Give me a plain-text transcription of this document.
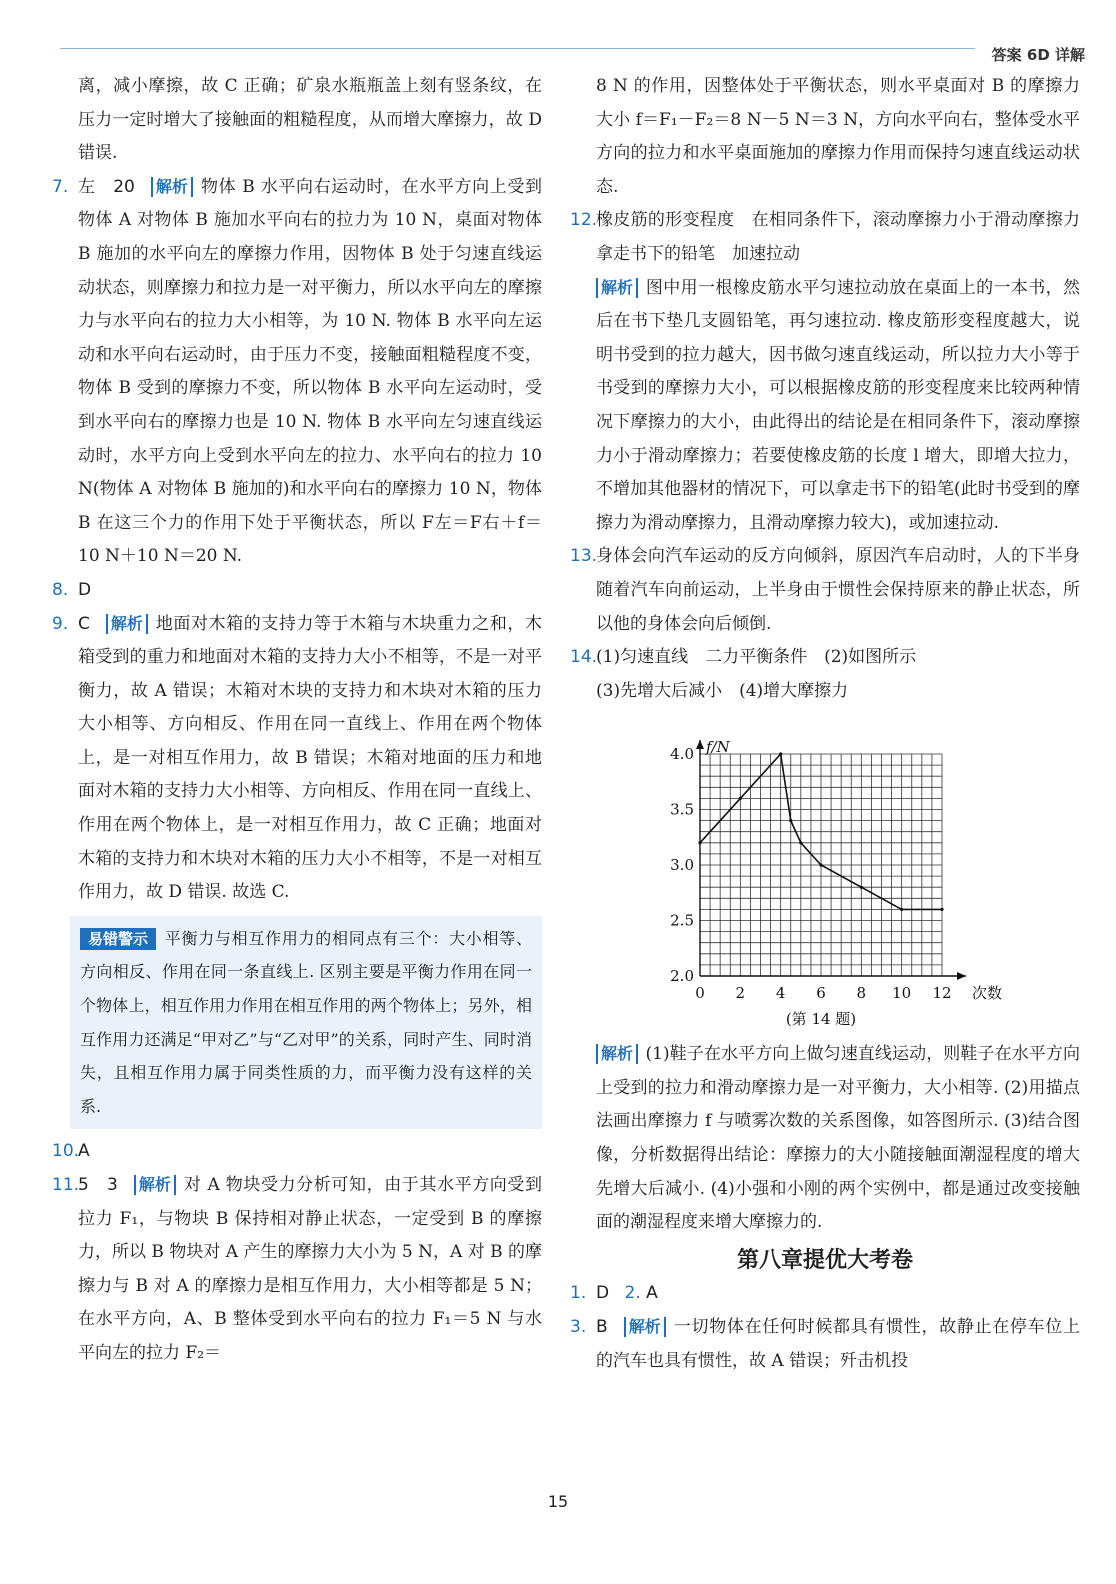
答案 6D 详解

离，减小摩擦，故 C 正确；矿泉水瓶瓶盖上刻有竖条纹，在压力一定时增大了接触面的粗糙程度，从而增大摩擦力，故 D 错误.

7. 左　20 解析 物体 B 水平向右运动时，在水平方向上受到物体 A 对物体 B 施加水平向右的拉力为 10 N，桌面对物体 B 施加的水平向左的摩擦力作用，因物体 B 处于匀速直线运动状态，则摩擦力和拉力是一对平衡力，所以水平向左的摩擦力与水平向右的拉力大小相等，为 10 N. 物体 B 水平向左运动和水平向右运动时，由于压力不变，接触面粗糙程度不变，物体 B 受到的摩擦力不变，所以物体 B 水平向左运动时，受到水平向右的摩擦力也是 10 N. 物体 B 水平向左匀速直线运动时，水平方向上受到水平向左的拉力、水平向右的拉力 10 N(物体 A 对物体 B 施加的)和水平向右的摩擦力 10 N，物体 B 在这三个力的作用下处于平衡状态，所以 F左＝F右＋f＝10 N＋10 N＝20 N.

8. D

9. C 解析 地面对木箱的支持力等于木箱与木块重力之和，木箱受到的重力和地面对木箱的支持力大小不相等，不是一对平衡力，故 A 错误；木箱对木块的支持力和木块对木箱的压力大小相等、方向相反、作用在同一直线上、作用在两个物体上，是一对相互作用力，故 B 错误；木箱对地面的压力和地面对木箱的支持力大小相等、方向相反、作用在同一直线上、作用在两个物体上，是一对相互作用力，故 C 正确；地面对木箱的支持力和木块对木箱的压力大小不相等，不是一对相互作用力，故 D 错误. 故选 C.

易错警示 平衡力与相互作用力的相同点有三个：大小相等、方向相反、作用在同一条直线上. 区别主要是平衡力作用在同一个物体上，相互作用力作用在相互作用的两个物体上；另外，相互作用力还满足“甲对乙”与“乙对甲”的关系，同时产生、同时消失，且相互作用力属于同类性质的力，而平衡力没有这样的关系.

10.
A

11.
5　3 解析 对 A 物块受力分析可知，由于其水平方向受到拉力 F₁，与物块 B 保持相对静止状态，一定受到 B 的摩擦力，所以 B 物块对 A 产生的摩擦力大小为 5 N，A 对 B 的摩擦力与 B 对 A 的摩擦力是相互作用力，大小相等都是 5 N；在水平方向，A、B 整体受到水平向右的拉力 F₁＝5 N 与水平向左的拉力 F₂＝

8 N 的作用，因整体处于平衡状态，则水平桌面对 B 的摩擦力大小 f＝F₁－F₂＝8 N－5 N＝3 N，方向水平向右，整体受水平方向的拉力和水平桌面施加的摩擦力作用而保持匀速直线运动状态.

12.
橡皮筋的形变程度　在相同条件下，滚动摩擦力小于滑动摩擦力　拿走书下的铅笔　加速拉动

解析 图中用一根橡皮筋水平匀速拉动放在桌面上的一本书，然后在书下垫几支圆铅笔，再匀速拉动. 橡皮筋形变程度越大，说明书受到的拉力越大，因书做匀速直线运动，所以拉力大小等于书受到的摩擦力大小，可以根据橡皮筋的形变程度来比较两种情况下摩擦力的大小，由此得出的结论是在相同条件下，滚动摩擦力小于滑动摩擦力；若要使橡皮筋的长度 l 增大，即增大拉力，不增加其他器材的情况下，可以拿走书下的铅笔(此时书受到的摩擦力为滑动摩擦力，且滑动摩擦力较大)，或加速拉动.

13.
身体会向汽车运动的反方向倾斜，原因汽车启动时，人的下半身随着汽车向前运动，上半身由于惯性会保持原来的静止状态，所以他的身体会向后倾倒.

14.
(1)匀速直线　二力平衡条件　(2)如图所示
(3)先增大后减小　(4)增大摩擦力

0 2 4 6 8 10 12
2.0
2.5
3.0
3.5
4.0
次数
f/N
(第 14 题)

解析 (1)鞋子在水平方向上做匀速直线运动，则鞋子在水平方向上受到的拉力和滑动摩擦力是一对平衡力，大小相等. (2)用描点法画出摩擦力 f 与喷雾次数的关系图像，如答图所示. (3)结合图像，分析数据得出结论：摩擦力的大小随接触面潮湿程度的增大先增大后减小. (4)小强和小刚的两个实例中，都是通过改变接触面的潮湿程度来增大摩擦力的.

第八章提优大考卷

1. D 2. A

3. B 解析 一切物体在任何时候都具有惯性，故静止在停车位上的汽车也具有惯性，故 A 错误；歼击机投

15
